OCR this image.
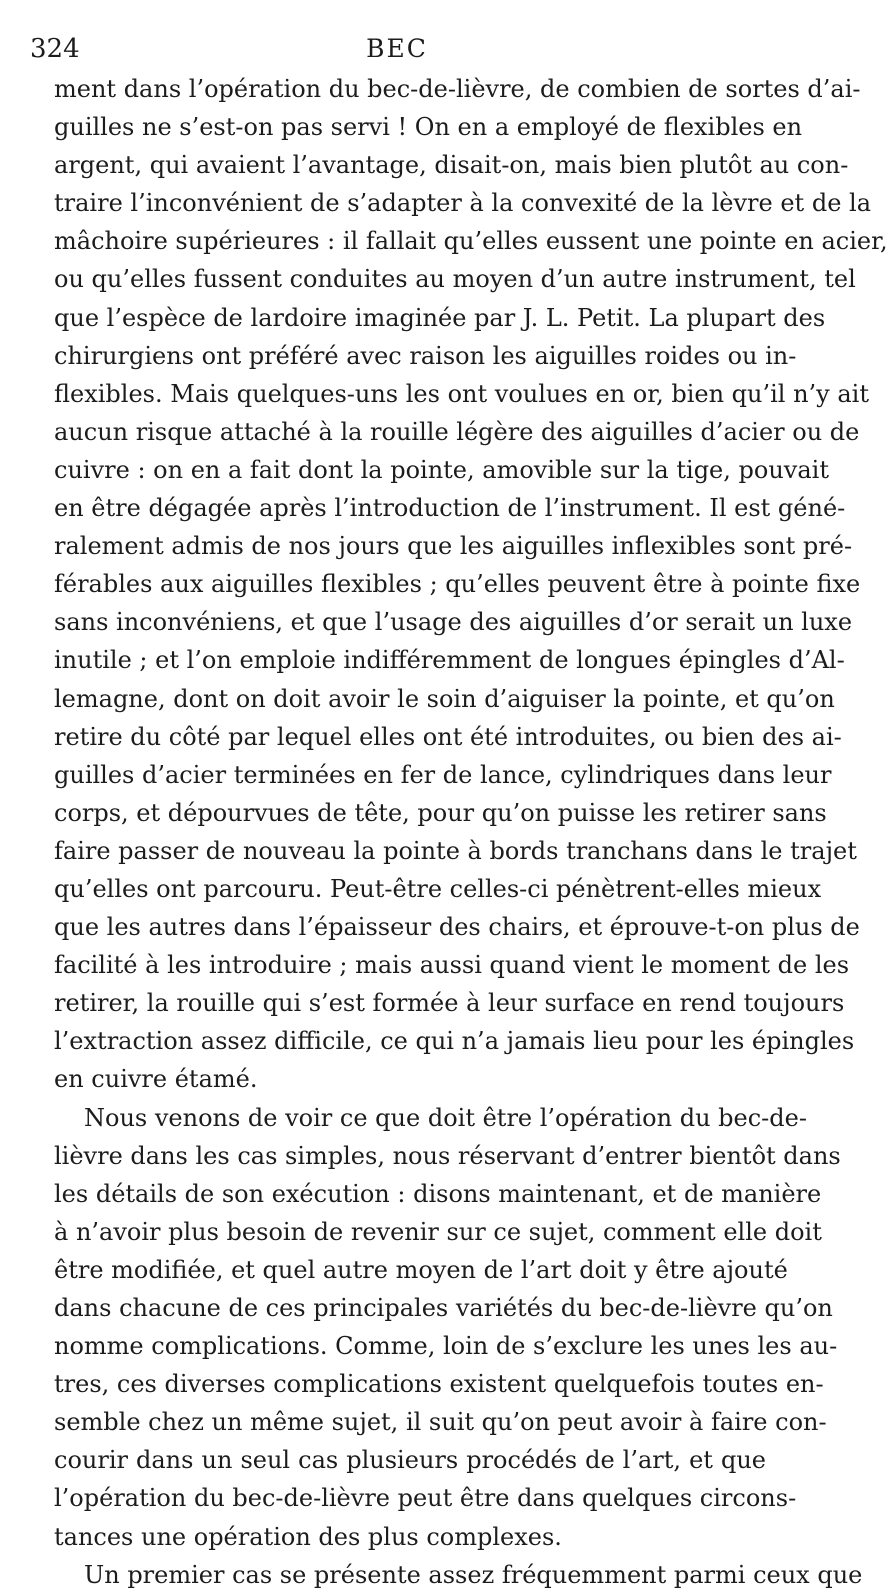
324	BEC
ment dans l’opération du bec-de-lièvre, de combien de sortes d’ai-
guilles ne s’est-on pas servi ! On en a employé de flexibles en
argent, qui avaient l’avantage, disait-on, mais bien plutôt au con-
traire l’inconvénient de s’adapter à la convexité de la lèvre et de la
mâchoire supérieures : il fallait qu’elles eussent une pointe en acier,
ou qu’elles fussent conduites au moyen d’un autre instrument, tel
que l’espèce de lardoire imaginée par J. L. Petit. La plupart des
chirurgiens ont préféré avec raison les aiguilles roides ou in-
flexibles. Mais quelques-uns les ont voulues en or, bien qu’il n’y ait
aucun risque attaché à la rouille légère des aiguilles d’acier ou de
cuivre : on en a fait dont la pointe, amovible sur la tige, pouvait
en être dégagée après l’introduction de l’instrument. Il est géné-
ralement admis de nos jours que les aiguilles inflexibles sont pré-
férables aux aiguilles flexibles ; qu’elles peuvent être à pointe fixe
sans inconvéniens, et que l’usage des aiguilles d’or serait un luxe
inutile ; et l’on emploie indifféremment de longues épingles d’Al-
lemagne, dont on doit avoir le soin d’aiguiser la pointe, et qu’on
retire du côté par lequel elles ont été introduites, ou bien des ai-
guilles d’acier terminées en fer de lance, cylindriques dans leur
corps, et dépourvues de tête, pour qu’on puisse les retirer sans
faire passer de nouveau la pointe à bords tranchans dans le trajet
qu’elles ont parcouru. Peut-être celles-ci pénètrent-elles mieux
que les autres dans l’épaisseur des chairs, et éprouve-t-on plus de
facilité à les introduire ; mais aussi quand vient le moment de les
retirer, la rouille qui s’est formée à leur surface en rend toujours
l’extraction assez difficile, ce qui n’a jamais lieu pour les épingles
en cuivre étamé.
Nous venons de voir ce que doit être l’opération du bec-de-
lièvre dans les cas simples, nous réservant d’entrer bientôt dans
les détails de son exécution : disons maintenant, et de manière
à n’avoir plus besoin de revenir sur ce sujet, comment elle doit
être modifiée, et quel autre moyen de l’art doit y être ajouté
dans chacune de ces principales variétés du bec-de-lièvre qu’on
nomme complications. Comme, loin de s’exclure les unes les au-
tres, ces diverses complications existent quelquefois toutes en-
semble chez un même sujet, il suit qu’on peut avoir à faire con-
courir dans un seul cas plusieurs procédés de l’art, et que
l’opération du bec-de-lièvre peut être dans quelques circons-
tances une opération des plus complexes.
Un premier cas se présente assez fréquemment parmi ceux que
